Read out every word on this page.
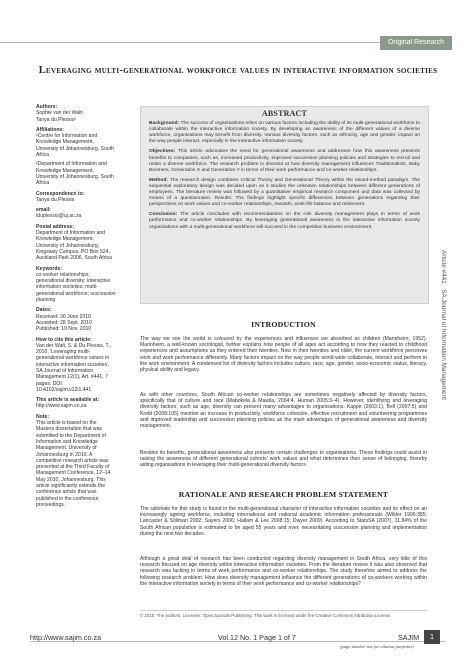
Original Research
Leveraging multi-generational workforce values in interactive information societies
Authors:

Sophie van der Walt¹

Tanya du Plessis²

Affiliations:

¹Centre for Information and Knowledge Management, University of Johannesburg, South Africa

²Department of Information and Knowledge Management, University of Johannesburg, South Africa

Correspondence to:

Tanya du Plessis

email:

tduplessis@uj.ac.za

Postal address:

Department of Information and Knowledge Management, University of Johannesburg, Kingsway Campus, PO Box 524, Auckland Park 2006, South Africa

Keywords:

co-worker relationships; generational diversity; interactive information societies; multi-generational workforce; succession planning

Dates:

Received: 30 June 2010

Accepted: 28 Sept. 2010

Published: 19 Nov. 2010

How to cite this article:

Van der Walt, S. & Du Plessis, T., 2010, 'Leveraging multi-generational workforce values in interactive information societies', SA Journal of Information Management 12(1), Art. #441, 7 pages. DOI: 10.4102/sajim.v12i1.441

This article is available at:

http://www.sajim.co.za

Note:

This article is based on the Masters dissertation that was submitted to the Department of Information and Knowledge Management, University of Johannesburg in 2010. A competitive research article was presented at the Third Faculty of Management Conference, 12–14 May 2010, Johannesburg. This article significantly extends the conference article that was published in the conference proceedings.

ABSTRACT

Background: The success of organisations relies on various factors including the ability of its multi-generational workforce to collaborate within the interactive information society. By developing an awareness of the different values of a diverse workforce, organisations may benefit from diversity. Various diversity factors, such as ethnicity, age and gender, impact on the way people interact, especially in the interactive information society.

Objectives: This article advocates the need for generational awareness and addresses how this awareness presents benefits to companies, such as, increased productivity, improved succession planning policies and strategies to recruit and retain a diverse workforce. The research problem is directed at how diversity management influences Traditionalists, Baby Boomers, Generation X and Generation Y in terms of their work performance and co-worker relationships.

Method: The research design combines Critical Theory and Generational Theory within the mixed-method paradigm. The sequential exploratory design was decided upon as it studies the unknown relationships between different generations of employees. The literature review was followed by a quantitative empirical research component and data was collected by means of a questionnaire. Results: The findings highlight specific differences between generations regarding their perspectives on work values and co-worker relationships, rewards, work-life balance and retirement.

Conclusion: The article concludes with recommendations on the role diversity management plays in terms of work performance and co-worker relationships. By leveraging generational awareness in the interactive information society organisations with a multi-generational workforce will succeed in the competitive business environment.

INTRODUCTION

The way we see the world is coloured by the experiences and influences we absorbed as children (Mannheim, 1952). Mannheim, a well-known sociologist, further explains how people of all ages act according to how they reacted to childhood experiences and assumptions as they entered their twenties. Now in their twenties and older, the current workforce perceives work and work performance differently. Many factors impact on the way people world-wide collaborate, interact and perform in the work environment. A condensed list of diversity factors includes culture, race, age, gender, socio-economic status, literacy, physical ability and legacy.

As with other countries, South African co-worker relationships are sometimes negatively affected by diversity factors, specifically that of culture and race (Mabokela & Mawila, 2004:4, Human 2005:3–4). However, identifying and leveraging diversity factors, such as age, diversity can present many advantages to organisations. Kappe (2003:1), Bell (2007:5) and Krebt (2008:105) mention an increase in productivity, workforce cohesion, effective recruitment and volunteering programmes and improved leadership and succession planning policies as the main advantages of generational awareness and diversity management.

Besides its benefits, generational awareness also presents certain challenges to organisations. These findings could assist in raising the awareness of different generational cohorts' work values and what determines their sense of belonging, thereby aiding organisations in leveraging their multi-generational diversity factors.

RATIONALE AND RESEARCH PROBLEM STATEMENT

The rationale for this study is found in the multi-generational character of interactive information societies and its effect on an increasingly ageing workforce, including international and national academic information professionals (Wilder 1996:385; Lancaster & Stillman 2002; Sayers 2006; Hallam & Lee 2008:15; Dwyer 2009). According to StatsSA (2007), 11.84% of the South African population is estimated to be aged 55 years and over, necessitating succession planning and implementation during the next two decades.

Although a great deal of research has been conducted regarding diversity management in South Africa, very little of this research focused on age diversity within interactive information societies. From the literature review it was also observed that research was lacking in terms of work performance and co-worker relationships. The study therefore aimed to address the following research problem: How does diversity management influence the different generations of co-workers working within the interactive information society in terms of their work performance and co-worker relationships?

© 2010. The Authors. Licensee: OpenJournals Publishing. This work is licensed under the Creative Commons Attribution License.
Article #441   SA Journal of Information Management
http://www.sajim.co.za	Vol.12 No. 1 Page 1 of 7	SAJIM	1
(page number not for citation purposes)
